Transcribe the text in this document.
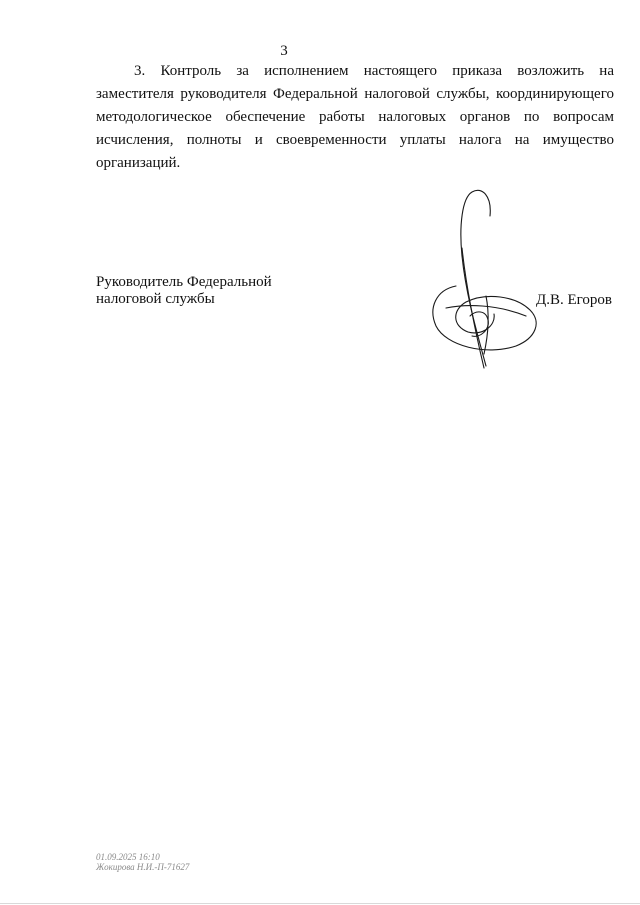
3

3. Контроль за исполнением настоящего приказа возложить на заместителя руководителя Федеральной налоговой службы, координирующего методологическое обеспечение работы налоговых органов по вопросам исчисления, полноты и своевременности уплаты налога на имущество организаций.

Руководитель Федеральной
налоговой службы	Д.В. Егоров
01.09.2025 16:10
Жокирова Н.И.-П-71627
